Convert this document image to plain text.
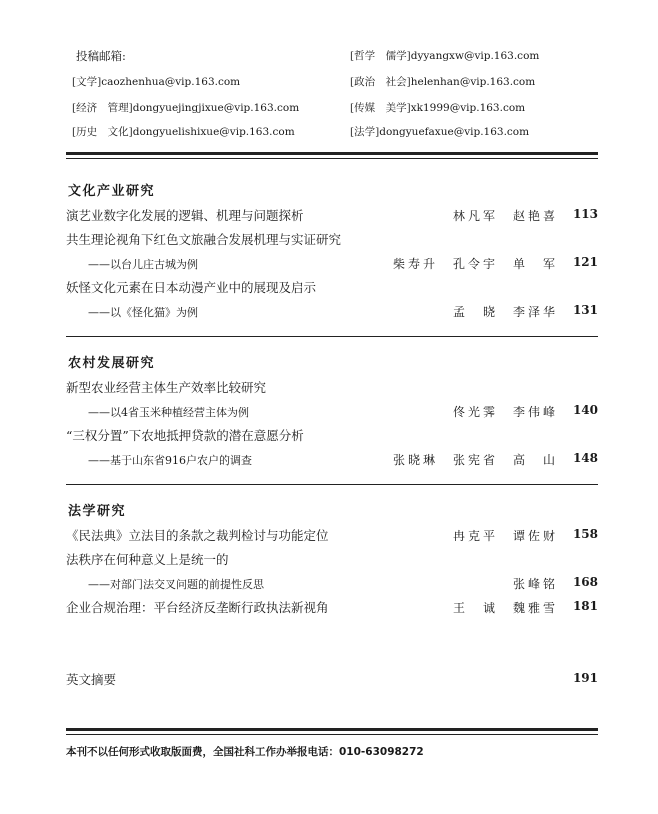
投稿邮箱:	[哲学　儒学]dyyangxw@vip.163.com
[文学]caozhenhua@vip.163.com	[政治　社会]helenhan@vip.163.com
[经济　管理]dongyuejingjixue@vip.163.com	[传媒　美学]xk1999@vip.163.com
[历史　文化]dongyuelishixue@vip.163.com	[法学]dongyuefaxue@vip.163.com
文化产业研究
演艺业数字化发展的逻辑、机理与问题探析	林凡军　赵艳喜 113
共生理论视角下红色文旅融合发展机理与实证研究
——以台儿庄古城为例	柴寿升　孔令宇　单　军 121
妖怪文化元素在日本动漫产业中的展现及启示
——以《怪化猫》为例	孟　晓　李泽华 131
农村发展研究
新型农业经营主体生产效率比较研究
——以4省玉米种植经营主体为例	佟光霁　李伟峰 140
“三权分置”下农地抵押贷款的潜在意愿分析
——基于山东省916户农户的调查	张晓琳　张宪省　高　山 148
法学研究
《民法典》立法目的条款之裁判检讨与功能定位	冉克平　谭佐财 158
法秩序在何种意义上是统一的
——对部门法交叉问题的前提性反思	张峰铭 168
企业合规治理：平台经济反垄断行政执法新视角	王　诚　魏雅雪 181
英文摘要	191
本刊不以任何形式收取版面费，全国社科工作办举报电话：010-63098272
